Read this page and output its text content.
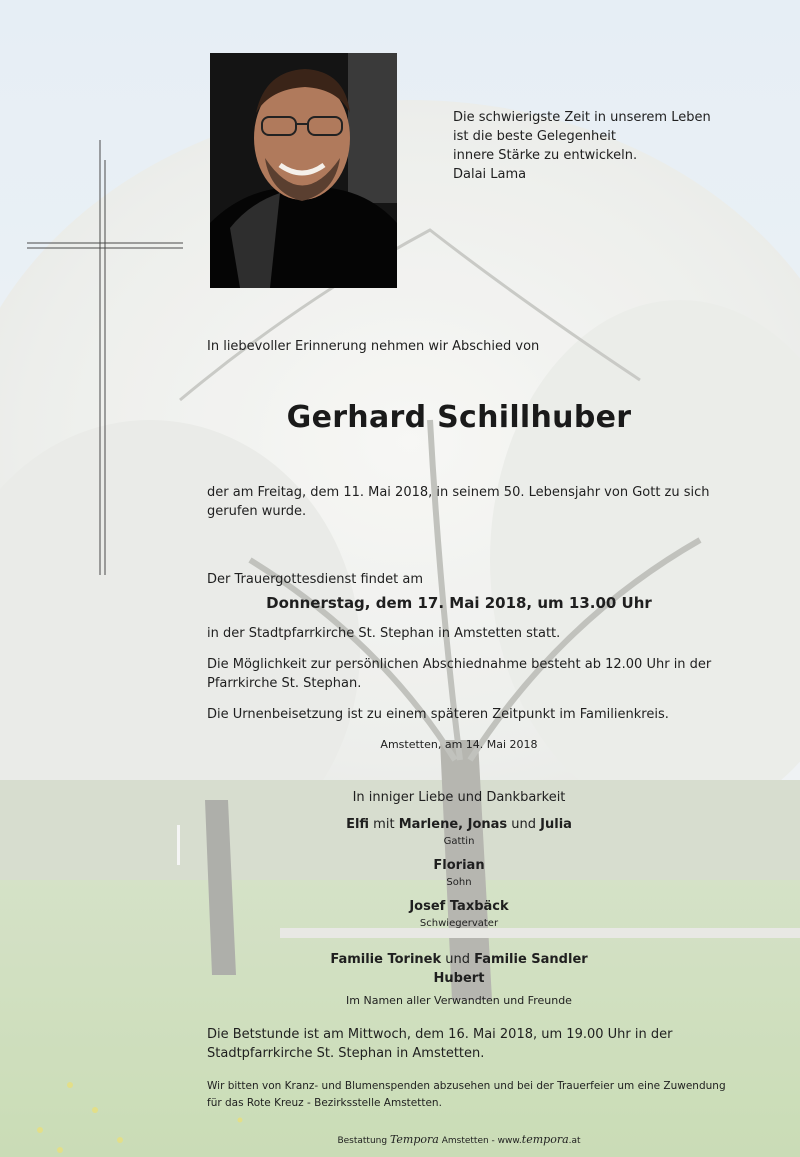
Die schwierigste Zeit in unserem Leben
ist die beste Gelegenheit
innere Stärke zu entwickeln.
Dalai Lama
In liebevoller Erinnerung nehmen wir Abschied von
Gerhard Schillhuber
der am Freitag, dem 11. Mai 2018, in seinem 50. Lebensjahr von Gott zu sich gerufen wurde.
Der Trauergottesdienst findet am
Donnerstag, dem 17. Mai 2018, um 13.00 Uhr
in der Stadtpfarrkirche St. Stephan in Amstetten statt.
Die Möglichkeit zur persönlichen Abschiednahme besteht ab 12.00 Uhr in der Pfarrkirche St. Stephan.
Die Urnenbeisetzung ist zu einem späteren Zeitpunkt im Familienkreis.
Amstetten, am 14. Mai 2018
In inniger Liebe und Dankbarkeit
Elfi mit Marlene, Jonas und Julia
Gattin
Florian
Sohn
Josef Taxbäck
Schwiegervater
Familie Torinek und Familie Sandler
Hubert
Im Namen aller Verwandten und Freunde
Die Betstunde ist am Mittwoch, dem 16. Mai 2018, um 19.00 Uhr in der Stadtpfarrkirche St. Stephan in Amstetten.
Wir bitten von Kranz- und Blumenspenden abzusehen und bei der Trauerfeier um eine Zuwendung für das Rote Kreuz - Bezirksstelle Amstetten.
Bestattung Tempora Amstetten - www.tempora.at
